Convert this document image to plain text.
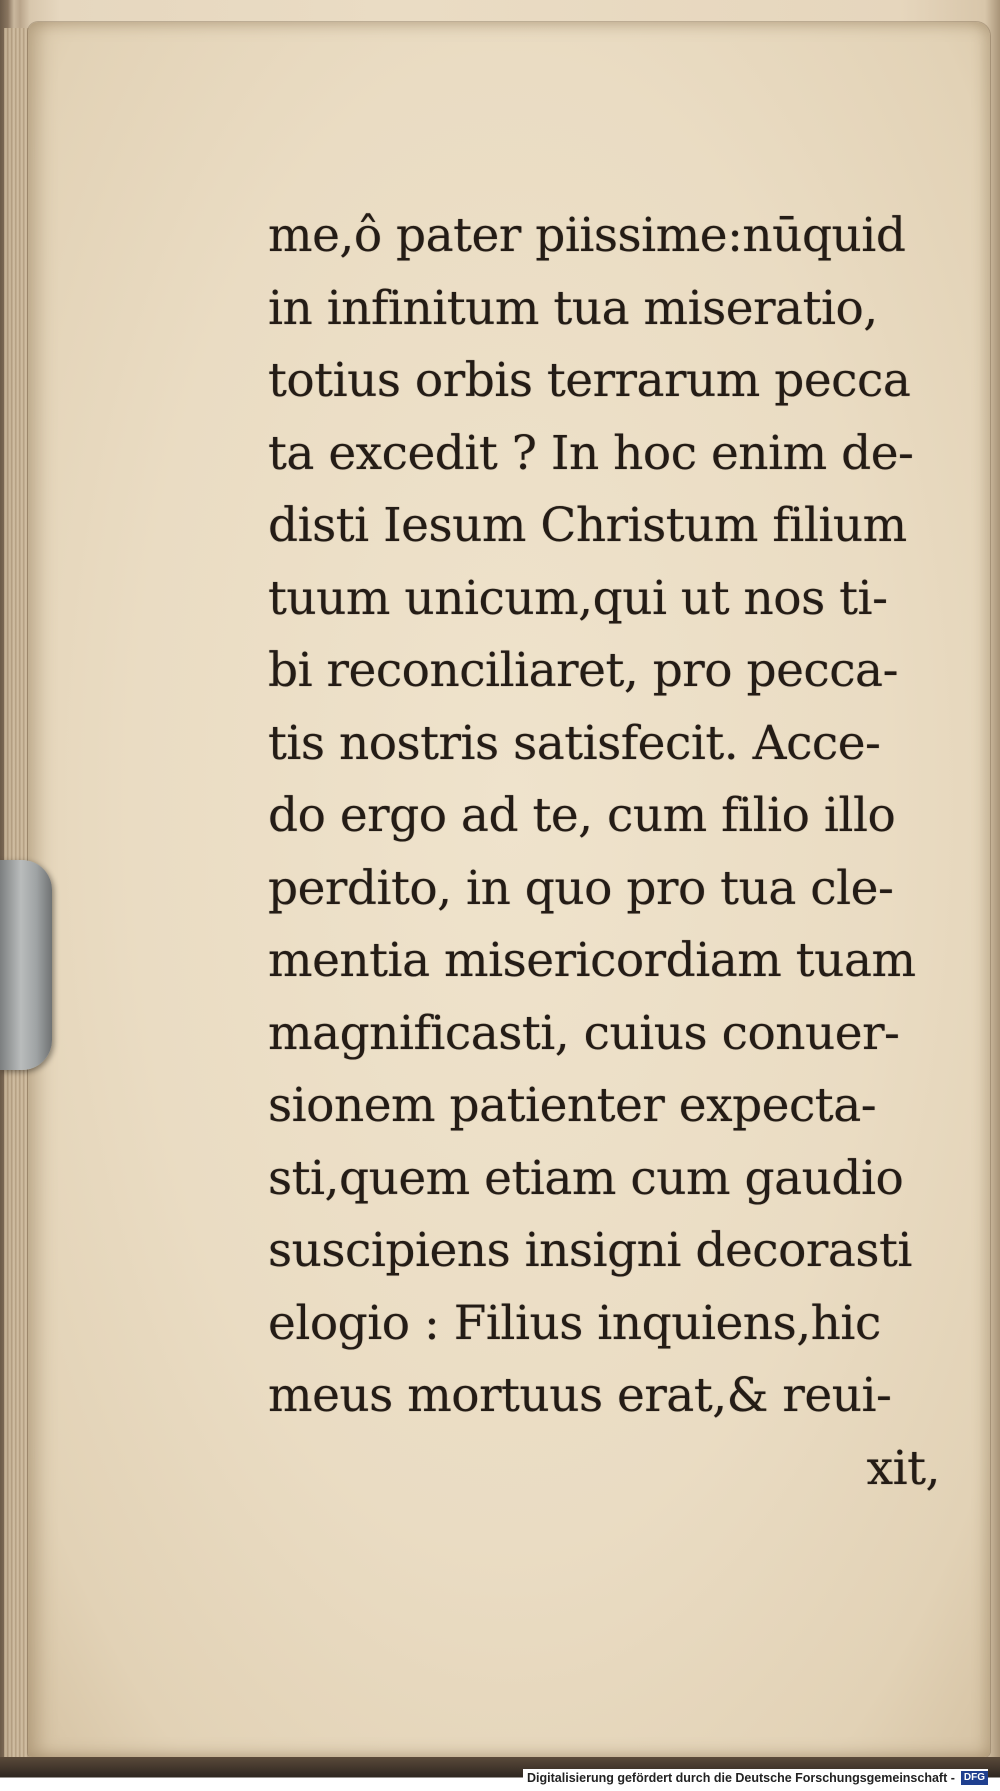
me,ô pater piissime:nūquid
in infinitum tua miseratio,
totius orbis terrarum pecca
ta excedit ? In hoc enim de-
disti Iesum Christum filium
tuum unicum,qui ut nos ti-
bi reconciliaret, pro pecca-
tis nostris satisfecit. Acce-
do ergo ad te, cum filio illo
perdito, in quo pro tua cle-
mentia misericordiam tuam
magnificasti, cuius conuer-
sionem patienter expecta-
sti,quem etiam cum gaudio
suscipiens insigni decorasti
elogio : Filius inquiens,hic
meus mortuus erat,& reui-
xit,
Digitalisierung gefördert durch die Deutsche Forschungsgemeinschaft - DFG
